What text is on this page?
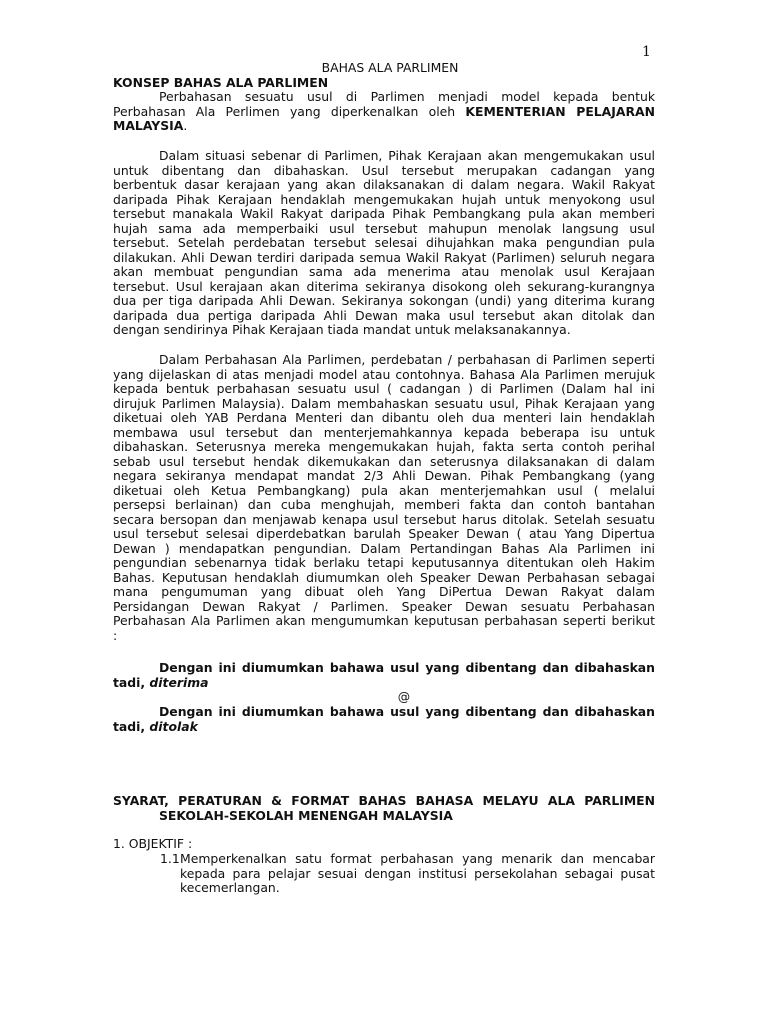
1
BAHAS ALA PARLIMEN
KONSEP BAHAS ALA PARLIMEN
Perbahasan sesuatu usul di Parlimen menjadi model kepada bentuk
Perbahasan Ala Perlimen yang diperkenalkan oleh KEMENTERIAN PELAJARAN
MALAYSIA.
Dalam situasi sebenar di Parlimen, Pihak Kerajaan akan mengemukakan usul
untuk dibentang dan dibahaskan. Usul tersebut merupakan cadangan yang
berbentuk dasar kerajaan yang akan dilaksanakan di dalam negara. Wakil Rakyat
daripada Pihak Kerajaan hendaklah mengemukakan hujah untuk menyokong usul
tersebut manakala Wakil Rakyat daripada Pihak Pembangkang pula akan memberi
hujah sama ada memperbaiki usul tersebut mahupun menolak langsung usul
tersebut. Setelah perdebatan tersebut selesai dihujahkan maka pengundian pula
dilakukan. Ahli Dewan terdiri daripada semua Wakil Rakyat (Parlimen) seluruh negara
akan membuat pengundian sama ada menerima atau menolak usul Kerajaan
tersebut. Usul kerajaan akan diterima sekiranya disokong oleh sekurang-kurangnya
dua per tiga daripada Ahli Dewan. Sekiranya sokongan (undi) yang diterima kurang
daripada dua pertiga daripada Ahli Dewan maka usul tersebut akan ditolak dan
dengan sendirinya Pihak Kerajaan tiada mandat untuk melaksanakannya.
Dalam Perbahasan Ala Parlimen, perdebatan / perbahasan di Parlimen seperti
yang dijelaskan di atas menjadi model atau contohnya. Bahasa Ala Parlimen merujuk
kepada bentuk perbahasan sesuatu usul ( cadangan ) di Parlimen (Dalam hal ini
dirujuk Parlimen Malaysia). Dalam membahaskan sesuatu usul, Pihak Kerajaan yang
diketuai oleh YAB Perdana Menteri dan dibantu oleh dua menteri lain hendaklah
membawa usul tersebut dan menterjemahkannya kepada beberapa isu untuk
dibahaskan. Seterusnya mereka mengemukakan hujah, fakta serta contoh perihal
sebab usul tersebut hendak dikemukakan dan seterusnya dilaksanakan di dalam
negara sekiranya mendapat mandat 2/3 Ahli Dewan. Pihak Pembangkang (yang
diketuai oleh Ketua Pembangkang) pula akan menterjemahkan usul ( melalui
persepsi berlainan) dan cuba menghujah, memberi fakta dan contoh bantahan
secara bersopan dan menjawab kenapa usul tersebut harus ditolak. Setelah sesuatu
usul tersebut selesai diperdebatkan barulah Speaker Dewan ( atau Yang Dipertua
Dewan ) mendapatkan pengundian. Dalam Pertandingan Bahas Ala Parlimen ini
pengundian sebenarnya tidak berlaku tetapi keputusannya ditentukan oleh Hakim
Bahas. Keputusan hendaklah diumumkan oleh Speaker Dewan Perbahasan sebagai
mana pengumuman yang dibuat oleh Yang DiPertua Dewan Rakyat dalam
Persidangan Dewan Rakyat / Parlimen. Speaker Dewan sesuatu Perbahasan
Perbahasan Ala Parlimen akan mengumumkan keputusan perbahasan seperti berikut
:
Dengan ini diumumkan bahawa usul yang dibentang dan dibahaskan
tadi, diterima
@
Dengan ini diumumkan bahawa usul yang dibentang dan dibahaskan
tadi, ditolak
SYARAT, PERATURAN & FORMAT BAHAS BAHASA MELAYU ALA PARLIMEN
SEKOLAH-SEKOLAH MENENGAH MALAYSIA
1. OBJEKTIF :
1.1 Memperkenalkan satu format perbahasan yang menarik dan mencabar
kepada para pelajar sesuai dengan institusi persekolahan sebagai pusat
kecemerlangan.
